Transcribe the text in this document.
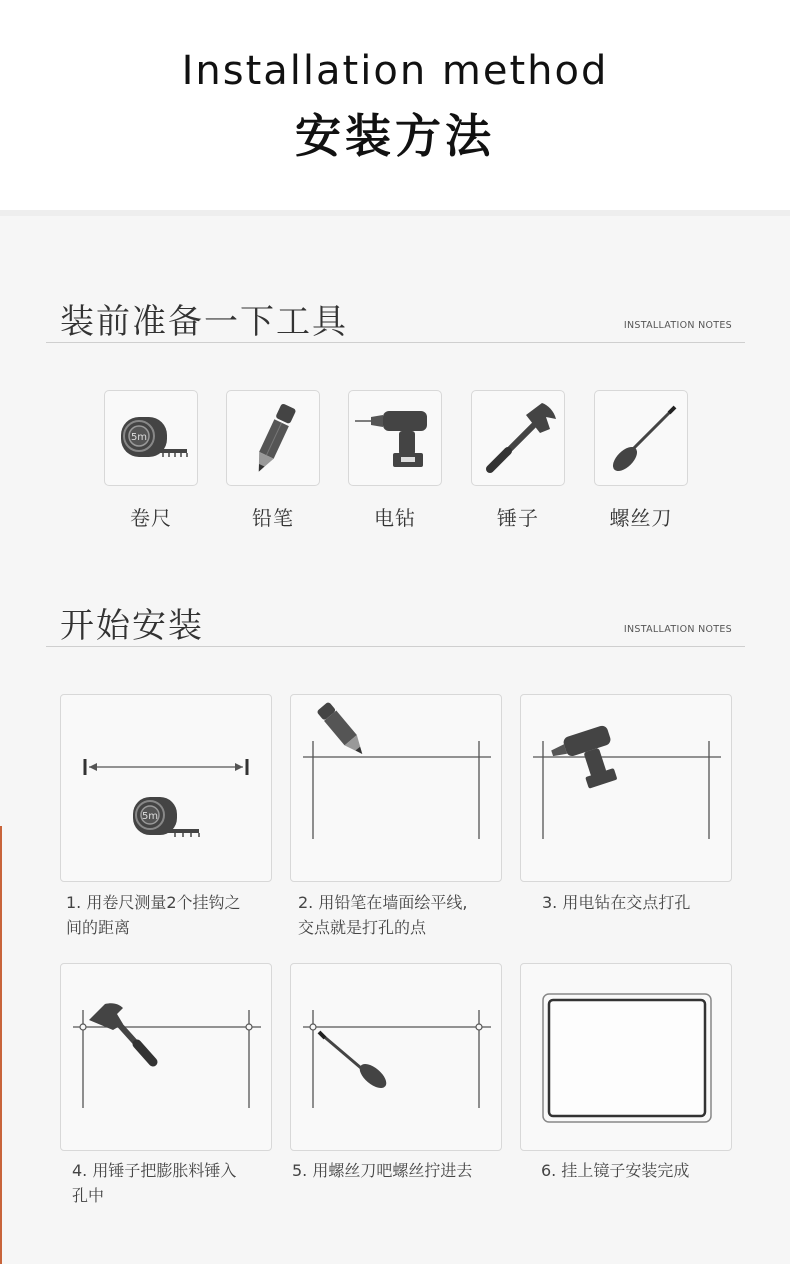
Installation method
安装方法
装前准备一下工具	INSTALLATION NOTES
5m
卷尺	铅笔	电钻	锤子	螺丝刀
开始安装	INSTALLATION NOTES
5m
1. 用卷尺测量2个挂钩之
间的距离
2. 用铅笔在墙面绘平线,
交点就是打孔的点
3. 用电钻在交点打孔
4. 用锤子把膨胀料锤入
孔中
5. 用螺丝刀吧螺丝拧进去	6. 挂上镜子安装完成
